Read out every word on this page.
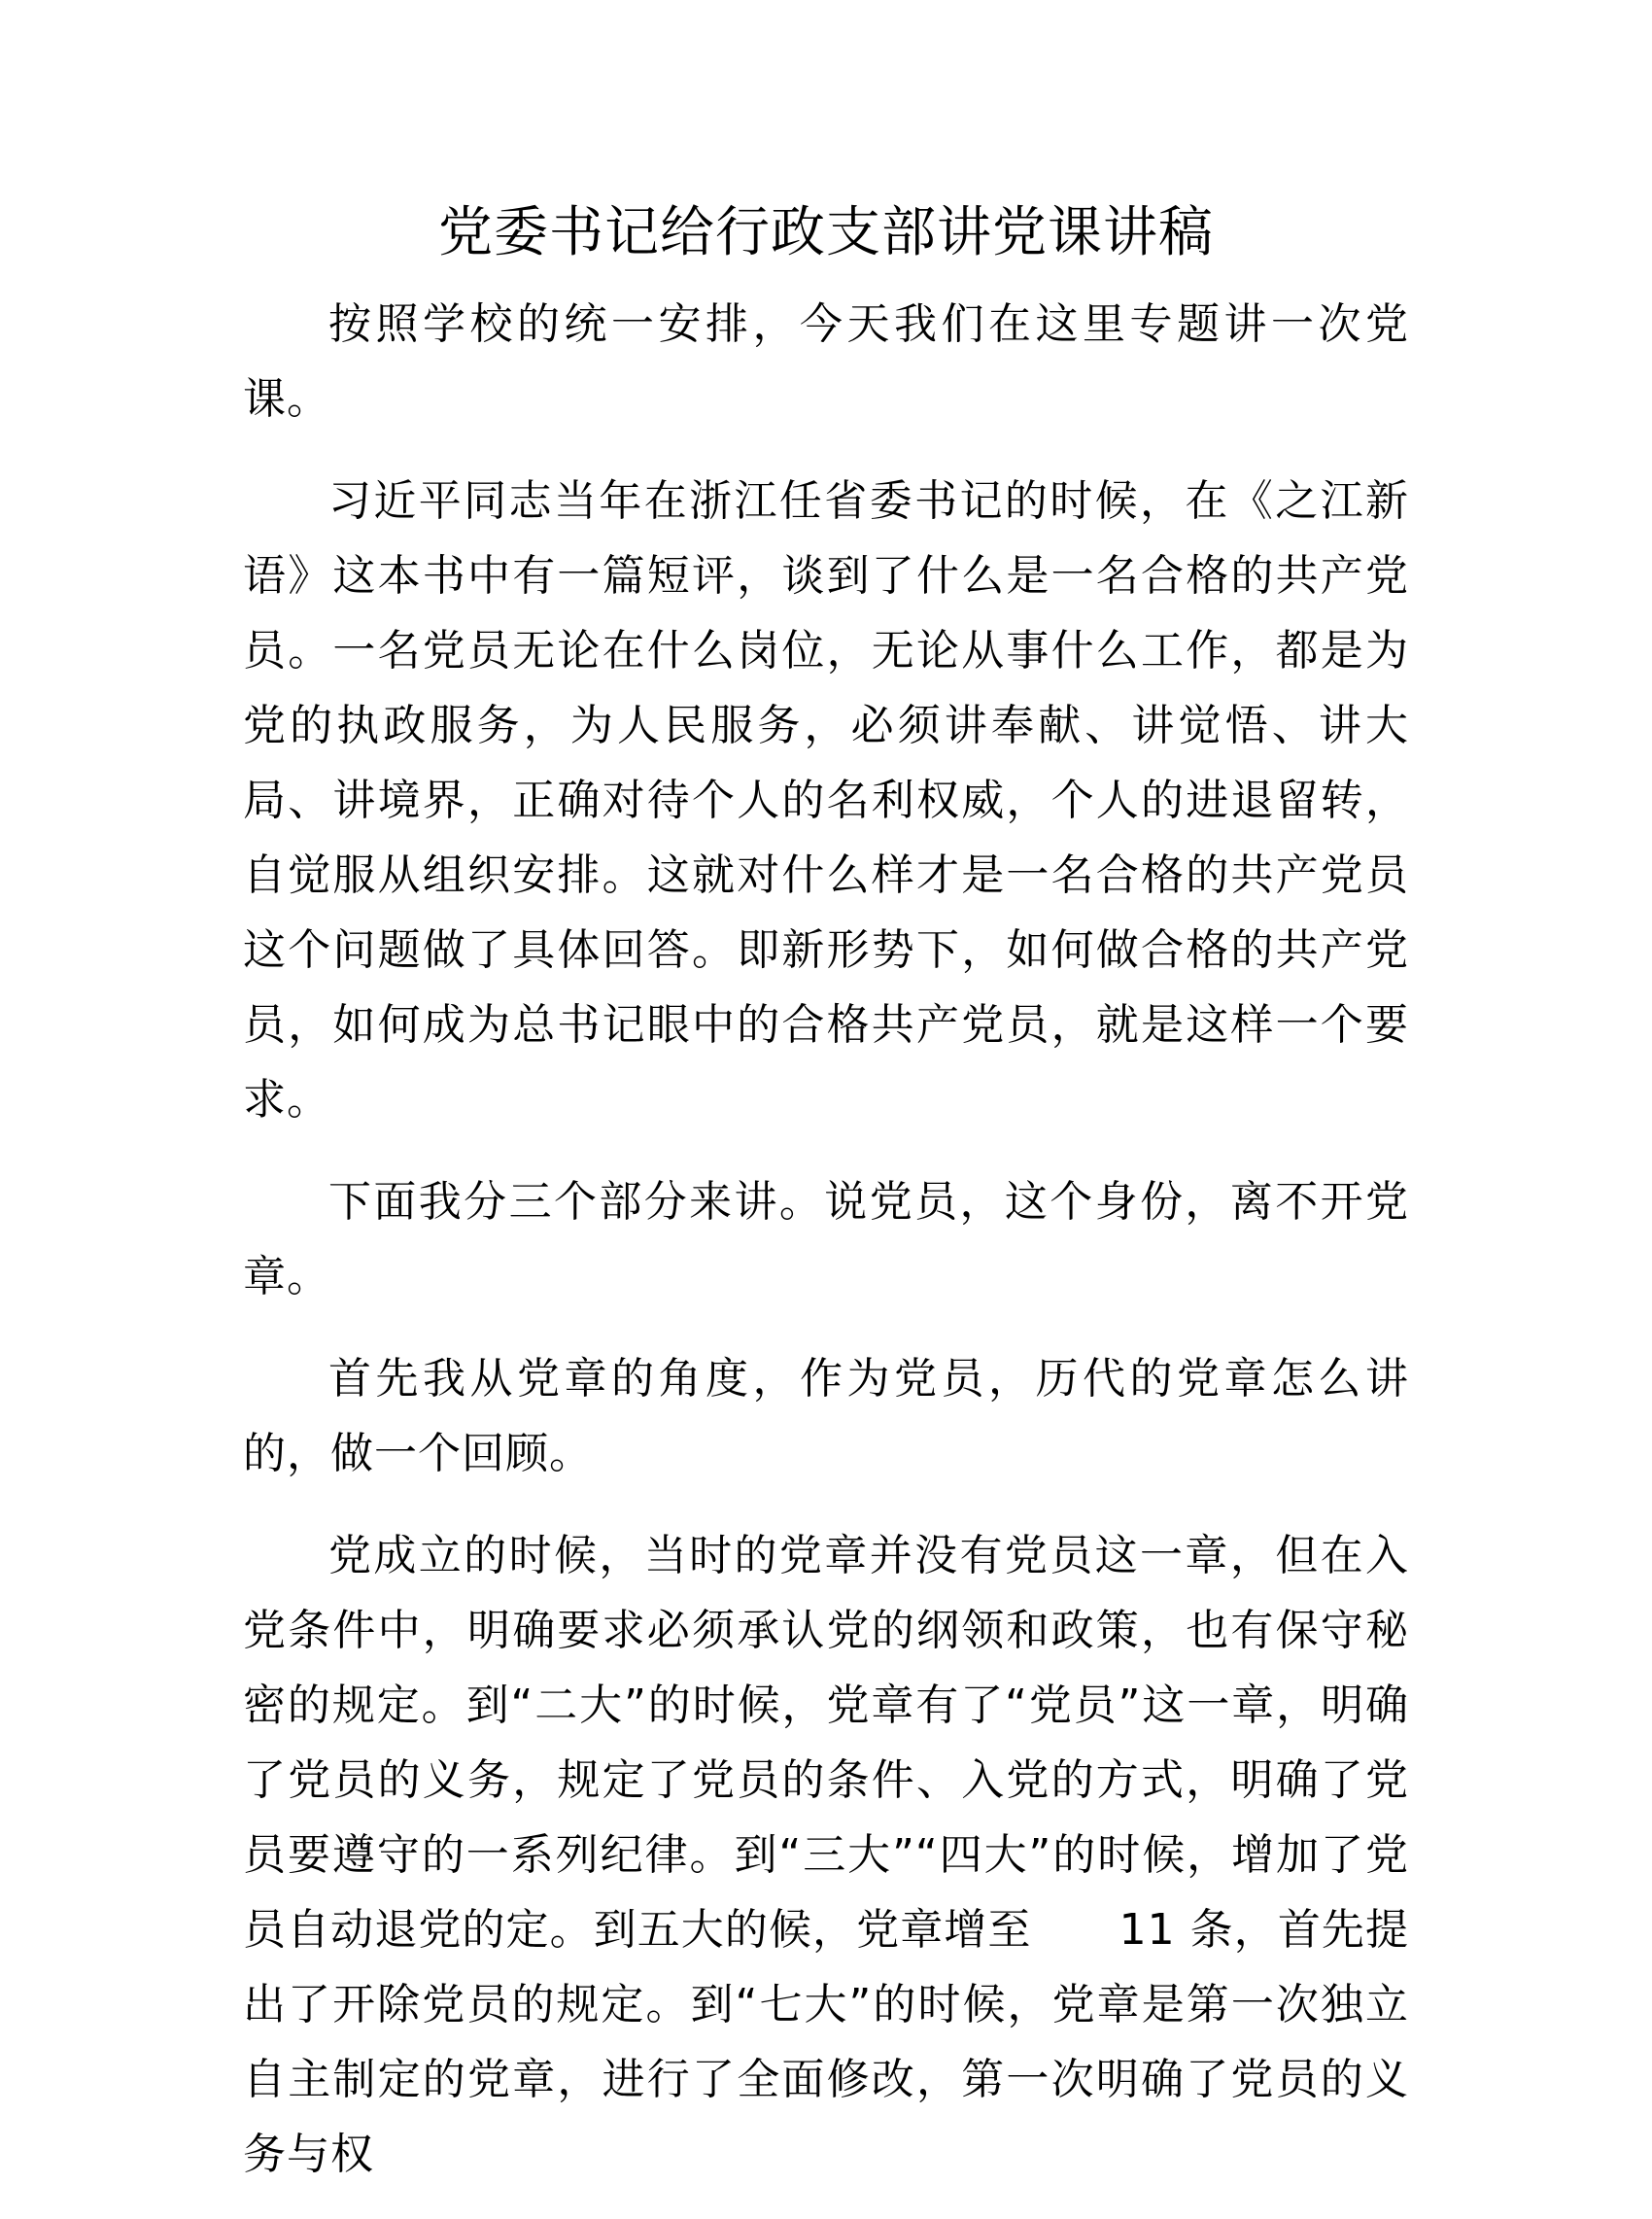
党委书记给行政支部讲党课讲稿

按照学校的统一安排，今天我们在这里专题讲一次党课。

习近平同志当年在浙江任省委书记的时候，在《之江新语》这本书中有一篇短评，谈到了什么是一名合格的共产党员。一名党员无论在什么岗位，无论从事什么工作，都是为党的执政服务，为人民服务，必须讲奉献、讲觉悟、讲大局、讲境界，正确对待个人的名利权威，个人的进退留转，自觉服从组织安排。这就对什么样才是一名合格的共产党员这个问题做了具体回答。即新形势下，如何做合格的共产党员，如何成为总书记眼中的合格共产党员，就是这样一个要求。

下面我分三个部分来讲。说党员，这个身份，离不开党章。

首先我从党章的角度，作为党员，历代的党章怎么讲的，做一个回顾。

党成立的时候，当时的党章并没有党员这一章，但在入党条件中，明确要求必须承认党的纲领和政策，也有保守秘密的规定。到“二大”的时候，党章有了“党员”这一章，明确了党员的义务，规定了党员的条件、入党的方式，明确了党员要遵守的一系列纪律。到“三大”“四大”的时候，增加了党员自动退党的定。到五大的候，党章增至　　11 条，首先提出了开除党员的规定。到“七大”的时候，党章是第一次独立自主制定的党章，进行了全面修改，第一次明确了党员的义务与权
